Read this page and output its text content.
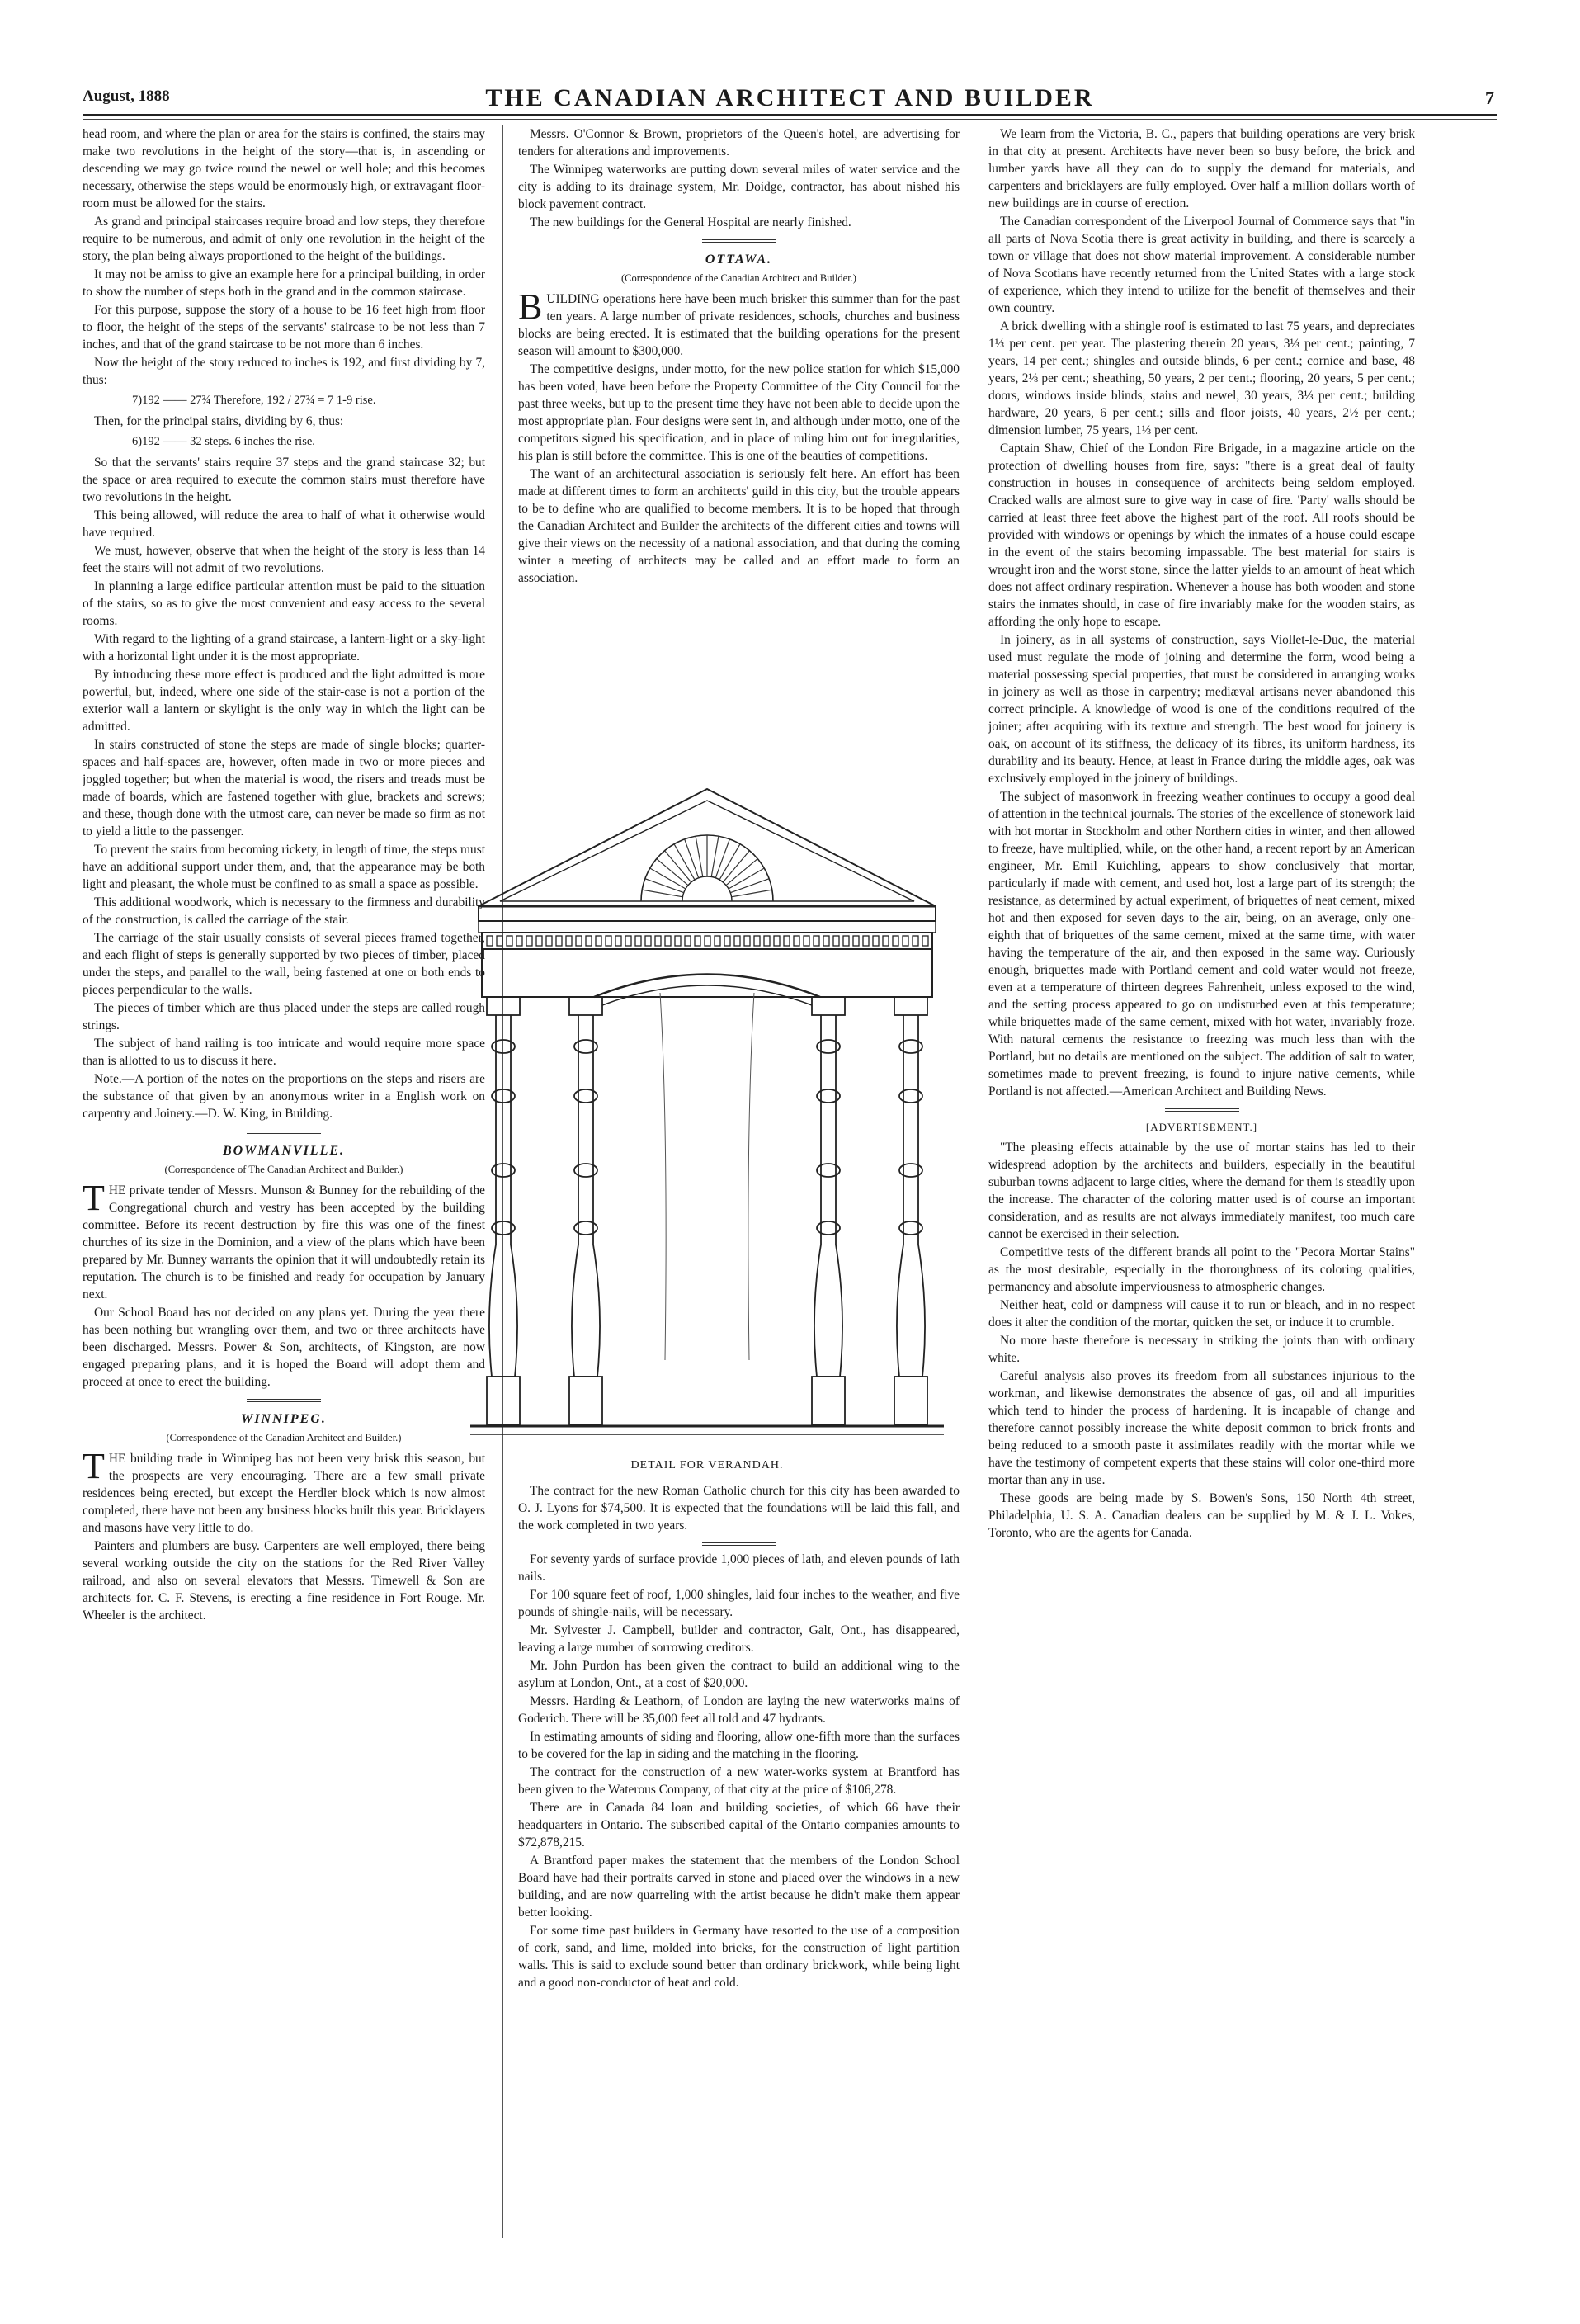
August, 1888	THE CANADIAN ARCHITECT AND BUILDER	7

head room, and where the plan or area for the stairs is confined, the stairs may make two revolutions in the height of the story—that is, in ascending or descending we may go twice round the newel or well hole; and this becomes necessary, otherwise the steps would be enormously high, or extravagant floor-room must be allowed for the stairs.

As grand and principal staircases require broad and low steps, they therefore require to be numerous, and admit of only one revolution in the height of the story, the plan being always proportioned to the height of the buildings.

It may not be amiss to give an example here for a principal building, in order to show the number of steps both in the grand and in the common staircase.

For this purpose, suppose the story of a house to be 16 feet high from floor to floor, the height of the steps of the servants' staircase to be not less than 7 inches, and that of the grand staircase to be not more than 6 inches.

Now the height of the story reduced to inches is 192, and first dividing by 7, thus:

7)192 —— 27¾ Therefore, 192 / 27¾ = 7 1-9 rise.

Then, for the principal stairs, dividing by 6, thus:

6)192 —— 32 steps. 6 inches the rise.

So that the servants' stairs require 37 steps and the grand staircase 32; but the space or area required to execute the common stairs must therefore have two revolutions in the height.

This being allowed, will reduce the area to half of what it otherwise would have required.

We must, however, observe that when the height of the story is less than 14 feet the stairs will not admit of two revolutions.

In planning a large edifice particular attention must be paid to the situation of the stairs, so as to give the most convenient and easy access to the several rooms.

With regard to the lighting of a grand staircase, a lantern-light or a sky-light with a horizontal light under it is the most appropriate.

By introducing these more effect is produced and the light admitted is more powerful, but, indeed, where one side of the stair-case is not a portion of the exterior wall a lantern or skylight is the only way in which the light can be admitted.

In stairs constructed of stone the steps are made of single blocks; quarter-spaces and half-spaces are, however, often made in two or more pieces and joggled together; but when the material is wood, the risers and treads must be made of boards, which are fastened together with glue, brackets and screws; and these, though done with the utmost care, can never be made so firm as not to yield a little to the passenger.

To prevent the stairs from becoming rickety, in length of time, the steps must have an additional support under them, and, that the appearance may be both light and pleasant, the whole must be confined to as small a space as possible.

This additional woodwork, which is necessary to the firmness and durability of the construction, is called the carriage of the stair.

The carriage of the stair usually consists of several pieces framed together, and each flight of steps is generally supported by two pieces of timber, placed under the steps, and parallel to the wall, being fastened at one or both ends to pieces perpendicular to the walls.

The pieces of timber which are thus placed under the steps are called rough strings.

The subject of hand railing is too intricate and would require more space than is allotted to us to discuss it here.

Note.—A portion of the notes on the proportions on the steps and risers are the substance of that given by an anonymous writer in a English work on carpentry and Joinery.—D. W. King, in Building.

BOWMANVILLE.
(Correspondence of The Canadian Architect and Builder.)

THE private tender of Messrs. Munson & Bunney for the rebuilding of the Congregational church and vestry has been accepted by the building committee. Before its recent destruction by fire this was one of the finest churches of its size in the Dominion, and a view of the plans which have been prepared by Mr. Bunney warrants the opinion that it will undoubtedly retain its reputation. The church is to be finished and ready for occupation by January next.

Our School Board has not decided on any plans yet. During the year there has been nothing but wrangling over them, and two or three architects have been discharged. Messrs. Power & Son, architects, of Kingston, are now engaged preparing plans, and it is hoped the Board will adopt them and proceed at once to erect the building.

WINNIPEG.
(Correspondence of the Canadian Architect and Builder.)

THE building trade in Winnipeg has not been very brisk this season, but the prospects are very encouraging. There are a few small private residences being erected, but except the Herdler block which is now almost completed, there have not been any business blocks built this year. Bricklayers and masons have very little to do.

Painters and plumbers are busy. Carpenters are well employed, there being several working outside the city on the stations for the Red River Valley railroad, and also on several elevators that Messrs. Timewell & Son are architects for. C. F. Stevens, is erecting a fine residence in Fort Rouge. Mr. Wheeler is the architect.

Messrs. O'Connor & Brown, proprietors of the Queen's hotel, are advertising for tenders for alterations and improvements.

The Winnipeg waterworks are putting down several miles of water service and the city is adding to its drainage system, Mr. Doidge, contractor, has about nished his block pavement contract.

The new buildings for the General Hospital are nearly finished.

OTTAWA.
(Correspondence of the Canadian Architect and Builder.)

BUILDING operations here have been much brisker this summer than for the past ten years. A large number of private residences, schools, churches and business blocks are being erected. It is estimated that the building operations for the present season will amount to $300,000.

The competitive designs, under motto, for the new police station for which $15,000 has been voted, have been before the Property Committee of the City Council for the past three weeks, but up to the present time they have not been able to decide upon the most appropriate plan. Four designs were sent in, and although under motto, one of the competitors signed his specification, and in place of ruling him out for irregularities, his plan is still before the committee. This is one of the beauties of competitions.

The want of an architectural association is seriously felt here. An effort has been made at different times to form an architects' guild in this city, but the trouble appears to be to define who are qualified to become members. It is to be hoped that through the Canadian Architect and Builder the architects of the different cities and towns will give their views on the necessity of a national association, and that during the coming winter a meeting of architects may be called and an effort made to form an association.

DETAIL FOR VERANDAH.

The contract for the new Roman Catholic church for this city has been awarded to O. J. Lyons for $74,500. It is expected that the foundations will be laid this fall, and the work completed in two years.

For seventy yards of surface provide 1,000 pieces of lath, and eleven pounds of lath nails.

For 100 square feet of roof, 1,000 shingles, laid four inches to the weather, and five pounds of shingle-nails, will be necessary.

Mr. Sylvester J. Campbell, builder and contractor, Galt, Ont., has disappeared, leaving a large number of sorrowing creditors.

Mr. John Purdon has been given the contract to build an additional wing to the asylum at London, Ont., at a cost of $20,000.

Messrs. Harding & Leathorn, of London are laying the new waterworks mains of Goderich. There will be 35,000 feet all told and 47 hydrants.

In estimating amounts of siding and flooring, allow one-fifth more than the surfaces to be covered for the lap in siding and the matching in the flooring.

The contract for the construction of a new water-works system at Brantford has been given to the Waterous Company, of that city at the price of $106,278.

There are in Canada 84 loan and building societies, of which 66 have their headquarters in Ontario. The subscribed capital of the Ontario companies amounts to $72,878,215.

A Brantford paper makes the statement that the members of the London School Board have had their portraits carved in stone and placed over the windows in a new building, and are now quarreling with the artist because he didn't make them appear better looking.

For some time past builders in Germany have resorted to the use of a composition of cork, sand, and lime, molded into bricks, for the construction of light partition walls. This is said to exclude sound better than ordinary brickwork, while being light and a good non-conductor of heat and cold.

We learn from the Victoria, B. C., papers that building operations are very brisk in that city at present. Architects have never been so busy before, the brick and lumber yards have all they can do to supply the demand for materials, and carpenters and bricklayers are fully employed. Over half a million dollars worth of new buildings are in course of erection.

The Canadian correspondent of the Liverpool Journal of Commerce says that "in all parts of Nova Scotia there is great activity in building, and there is scarcely a town or village that does not show material improvement. A considerable number of Nova Scotians have recently returned from the United States with a large stock of experience, which they intend to utilize for the benefit of themselves and their own country.

A brick dwelling with a shingle roof is estimated to last 75 years, and depreciates 1⅓ per cent. per year. The plastering therein 20 years, 3⅓ per cent.; painting, 7 years, 14 per cent.; shingles and outside blinds, 6 per cent.; cornice and base, 48 years, 2⅛ per cent.; sheathing, 50 years, 2 per cent.; flooring, 20 years, 5 per cent.; doors, windows inside blinds, stairs and newel, 30 years, 3⅓ per cent.; building hardware, 20 years, 6 per cent.; sills and floor joists, 40 years, 2½ per cent.; dimension lumber, 75 years, 1⅓ per cent.

Captain Shaw, Chief of the London Fire Brigade, in a magazine article on the protection of dwelling houses from fire, says: "there is a great deal of faulty construction in houses in consequence of architects being seldom employed. Cracked walls are almost sure to give way in case of fire. 'Party' walls should be carried at least three feet above the highest part of the roof. All roofs should be provided with windows or openings by which the inmates of a house could escape in the event of the stairs becoming impassable. The best material for stairs is wrought iron and the worst stone, since the latter yields to an amount of heat which does not affect ordinary respiration. Whenever a house has both wooden and stone stairs the inmates should, in case of fire invariably make for the wooden stairs, as affording the only hope to escape.

In joinery, as in all systems of construction, says Viollet-le-Duc, the material used must regulate the mode of joining and determine the form, wood being a material possessing special properties, that must be considered in arranging works in joinery as well as those in carpentry; mediæval artisans never abandoned this correct principle. A knowledge of wood is one of the conditions required of the joiner; after acquiring with its texture and strength. The best wood for joinery is oak, on account of its stiffness, the delicacy of its fibres, its uniform hardness, its durability and its beauty. Hence, at least in France during the middle ages, oak was exclusively employed in the joinery of buildings.

The subject of masonwork in freezing weather continues to occupy a good deal of attention in the technical journals. The stories of the excellence of stonework laid with hot mortar in Stockholm and other Northern cities in winter, and then allowed to freeze, have multiplied, while, on the other hand, a recent report by an American engineer, Mr. Emil Kuichling, appears to show conclusively that mortar, particularly if made with cement, and used hot, lost a large part of its strength; the resistance, as determined by actual experiment, of briquettes of neat cement, mixed hot and then exposed for seven days to the air, being, on an average, only one-eighth that of briquettes of the same cement, mixed at the same time, with water having the temperature of the air, and then exposed in the same way. Curiously enough, briquettes made with Portland cement and cold water would not freeze, even at a temperature of thirteen degrees Fahrenheit, unless exposed to the wind, and the setting process appeared to go on undisturbed even at this temperature; while briquettes made of the same cement, mixed with hot water, invariably froze. With natural cements the resistance to freezing was much less than with the Portland, but no details are mentioned on the subject. The addition of salt to water, sometimes made to prevent freezing, is found to injure native cements, while Portland is not affected.—American Architect and Building News.

[ADVERTISEMENT.]

"The pleasing effects attainable by the use of mortar stains has led to their widespread adoption by the architects and builders, especially in the beautiful suburban towns adjacent to large cities, where the demand for them is steadily upon the increase. The character of the coloring matter used is of course an important consideration, and as results are not always immediately manifest, too much care cannot be exercised in their selection.

Competitive tests of the different brands all point to the "Pecora Mortar Stains" as the most desirable, especially in the thoroughness of its coloring qualities, permanency and absolute imperviousness to atmospheric changes.

Neither heat, cold or dampness will cause it to run or bleach, and in no respect does it alter the condition of the mortar, quicken the set, or induce it to crumble.

No more haste therefore is necessary in striking the joints than with ordinary white.

Careful analysis also proves its freedom from all substances injurious to the workman, and likewise demonstrates the absence of gas, oil and all impurities which tend to hinder the process of hardening. It is incapable of change and therefore cannot possibly increase the white deposit common to brick fronts and being reduced to a smooth paste it assimilates readily with the mortar while we have the testimony of competent experts that these stains will color one-third more mortar than any in use.

These goods are being made by S. Bowen's Sons, 150 North 4th street, Philadelphia, U. S. A. Canadian dealers can be supplied by M. & J. L. Vokes, Toronto, who are the agents for Canada.
